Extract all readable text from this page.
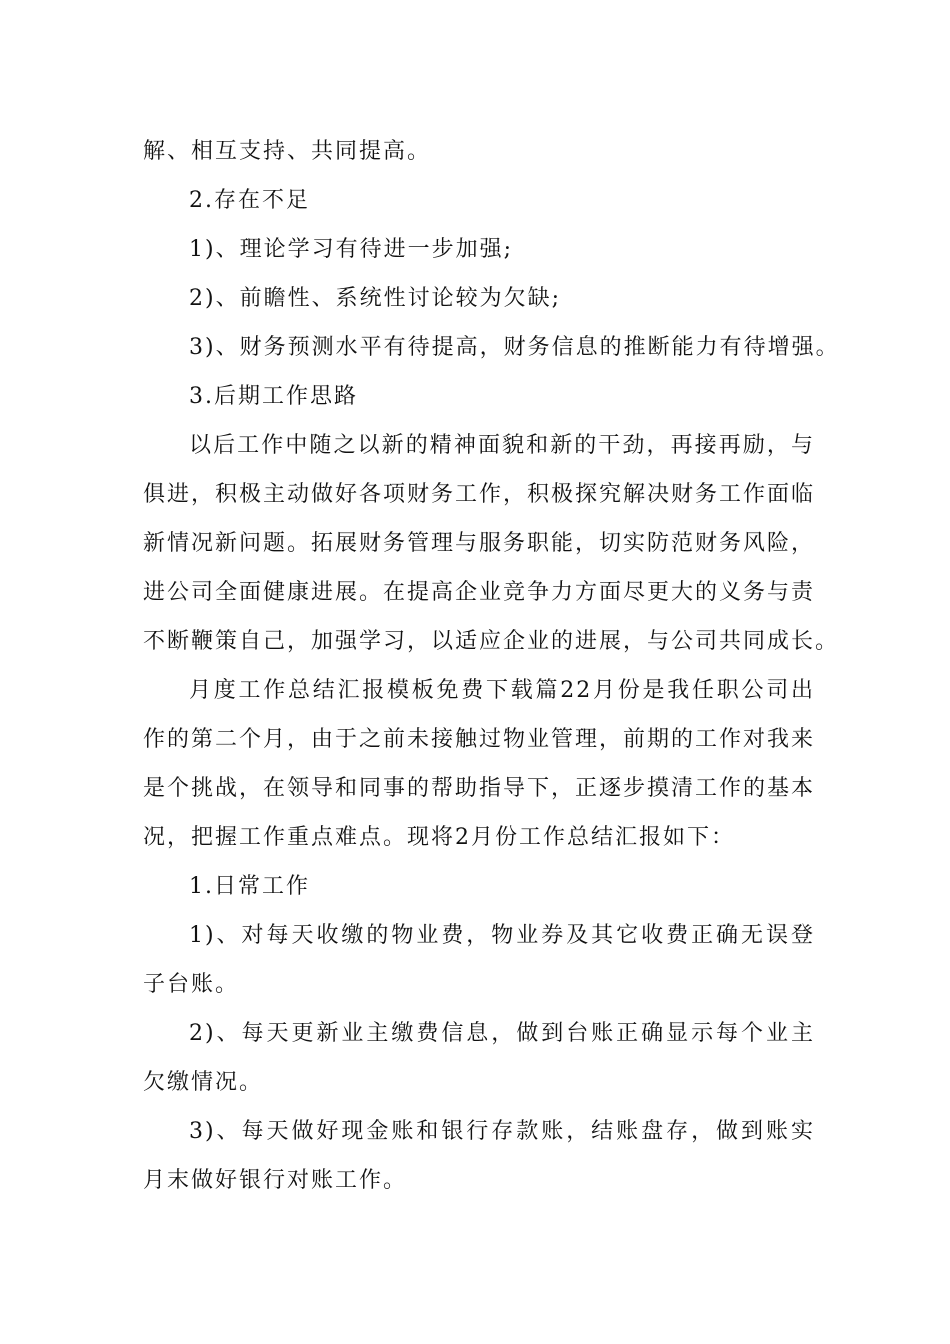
解、相互支持、共同提高。
2.存在不足
1)、理论学习有待进一步加强;
2)、前瞻性、系统性讨论较为欠缺;
3)、财务预测水平有待提高，财务信息的推断能力有待增强。
3.后期工作思路
以后工作中随之以新的精神面貌和新的干劲，再接再励，与
俱进，积极主动做好各项财务工作，积极探究解决财务工作面临
新情况新问题。拓展财务管理与服务职能，切实防范财务风险，
进公司全面健康进展。在提高企业竞争力方面尽更大的义务与责
不断鞭策自己，加强学习，以适应企业的进展，与公司共同成长。
月度工作总结汇报模板免费下载篇22月份是我任职公司出
作的第二个月，由于之前未接触过物业管理，前期的工作对我来
是个挑战，在领导和同事的帮助指导下，正逐步摸清工作的基本
况，把握工作重点难点。现将2月份工作总结汇报如下：
1.日常工作
1)、对每天收缴的物业费，物业券及其它收费正确无误登
子台账。
2)、每天更新业主缴费信息，做到台账正确显示每个业主
欠缴情况。
3)、每天做好现金账和银行存款账，结账盘存，做到账实
月末做好银行对账工作。
